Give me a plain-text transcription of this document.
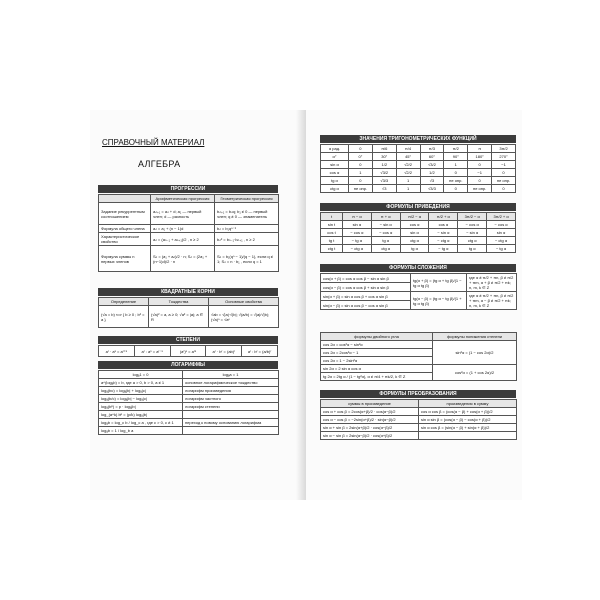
СПРАВОЧНЫЙ МАТЕРИАЛ
АЛГЕБРА
ПРОГРЕССИИ
	Арифметическая прогрессия	Геометрическая прогрессия
Задание рекуррентным соотношением	aₙ₊₁ = aₙ + d; a₁ — первый член; d — разность	bₙ₊₁ = bₙq; b₁ ≠ 0 — первый член; q ≠ 0 — знаменатель
Формула общего члена	aₙ = a₁ + (n − 1)d	bₙ = b₁qⁿ⁻¹
Характеристическое свойство	aₙ = (aₙ₋₁ + aₙ₊₁)/2 , n ≥ 2	bₙ² = bₙ₋₁·bₙ₊₁ , n ≥ 2
Формула суммы n первых членов	Sₙ = (a₁ + aₙ)/2 · n; Sₙ = (2a₁ + (n−1)d)/2 · n	Sₙ = b₁(qⁿ − 1)/(q − 1), если q ≠ 1; Sₙ = n · b₁ , если q = 1
КВАДРАТНЫЕ КОРНИ
Определение	Тождества	Основные свойства
(√a = b) ⟺ { b ≥ 0 ; b² = a }	(√a)² = a, a ≥ 0; √a² = |a|; a ∈ R	√ab = √|a|·√|b|; √(a/b) = √|a|/√|b|; (√a)ⁿ = √aⁿ
СТЕПЕНИ
aʳ · aˢ = aʳ⁺ˢ	aʳ : aˢ = aʳ⁻ˢ	(aʳ)ˢ = aʳˢ	aʳ · bʳ = (ab)ʳ	aʳ : bʳ = (a/b)ʳ
ЛОГАРИФМЫ
logₐ1 = 0	logₐa = 1
a^(logₐb) = b, где a > 0, b > 0, a ≠ 1	основное логарифмическое тождество
logₐ(bc) = logₐ|b| + logₐ|c|	логарифм произведения
logₐ(b/c) = logₐ|b| − logₐ|c|	логарифм частного
logₐ(bᵖ) = p · logₐ|b|	логарифм степени
log_(a^k) bᵖ = (p/k) logₐ|b|	
logₐb = log_c b / log_c a , где c > 0, c ≠ 1	переход к новому основанию логарифма
logₐb = 1 / log_b a	
ЗНАЧЕНИЯ ТРИГОНОМЕТРИЧЕСКИХ ФУНКЦИЙ
α рад.	0	π/6	π/4	π/3	π/2	π	3π/2
α°	0°	30°	45°	60°	90°	180°	270°
sin α	0	1/2	√2/2	√3/2	1	0	−1
cos α	1	√3/2	√2/2	1/2	0	−1	0
tg α	0	√3/3	1	√3	не опр.	0	не опр.
ctg α	не опр.	√3	1	√3/3	0	не опр.	0
ФОРМУЛЫ ПРИВЕДЕНИЯ
t	π − α	π + α	π/2 − α	π/2 + α	3π/2 − α	3π/2 + α
sin t	sin α	− sin α	cos α	cos α	− cos α	− cos α
cos t	− cos α	− cos α	sin α	− sin α	− sin α	sin α
tg t	− tg α	tg α	ctg α	− ctg α	ctg α	− ctg α
ctg t	− ctg α	ctg α	tg α	− tg α	tg α	− tg α
ФОРМУЛЫ СЛОЖЕНИЯ
cos(α + β) = cos α cos β − sin α sin β	tg(α + β) = (tg α + tg β)/(1 − tg α tg β)	где α ≠ π/2 + πn, β ≠ π/2 + πm, α + β ≠ π/2 + πk; n, m, k ∈ Z
cos(α − β) = cos α cos β + sin α sin β		
sin(α + β) = sin α cos β + cos α sin β	tg(α − β) = (tg α − tg β)/(1 + tg α tg β)	где α ≠ π/2 + πn, β ≠ π/2 + πm, α − β ≠ π/2 + πk; n, m, k ∈ Z
sin(α − β) = sin α cos β − cos α sin β		
формулы двойного угла	формулы понижения степени
cos 2α = cos²α − sin²α	sin²α = (1 − cos 2α)/2
cos 2α = 2cos²α − 1	
cos 2α = 1 − 2sin²α	
sin 2α = 2 sin α cos α	cos²α = (1 + cos 2α)/2
tg 2α = 2tg α / (1 − tg²α), α ≠ π/4 + πk/2, k ∈ Z	
ФОРМУЛЫ ПРЕОБРАЗОВАНИЯ
суммы в произведение	произведения в сумму
cos α + cos β = 2cos(α+β)/2 · cos(α−β)/2	cos α cos β = (cos(α − β) + cos(α + β))/2
cos α − cos β = −2sin(α+β)/2 · sin(α−β)/2	sin α sin β = (cos(α − β) − cos(α + β))/2
sin α + sin β = 2sin(α+β)/2 · cos(α−β)/2	sin α cos β = (sin(α − β) + sin(α + β))/2
sin α − sin β = 2sin(α−β)/2 · cos(α+β)/2	
